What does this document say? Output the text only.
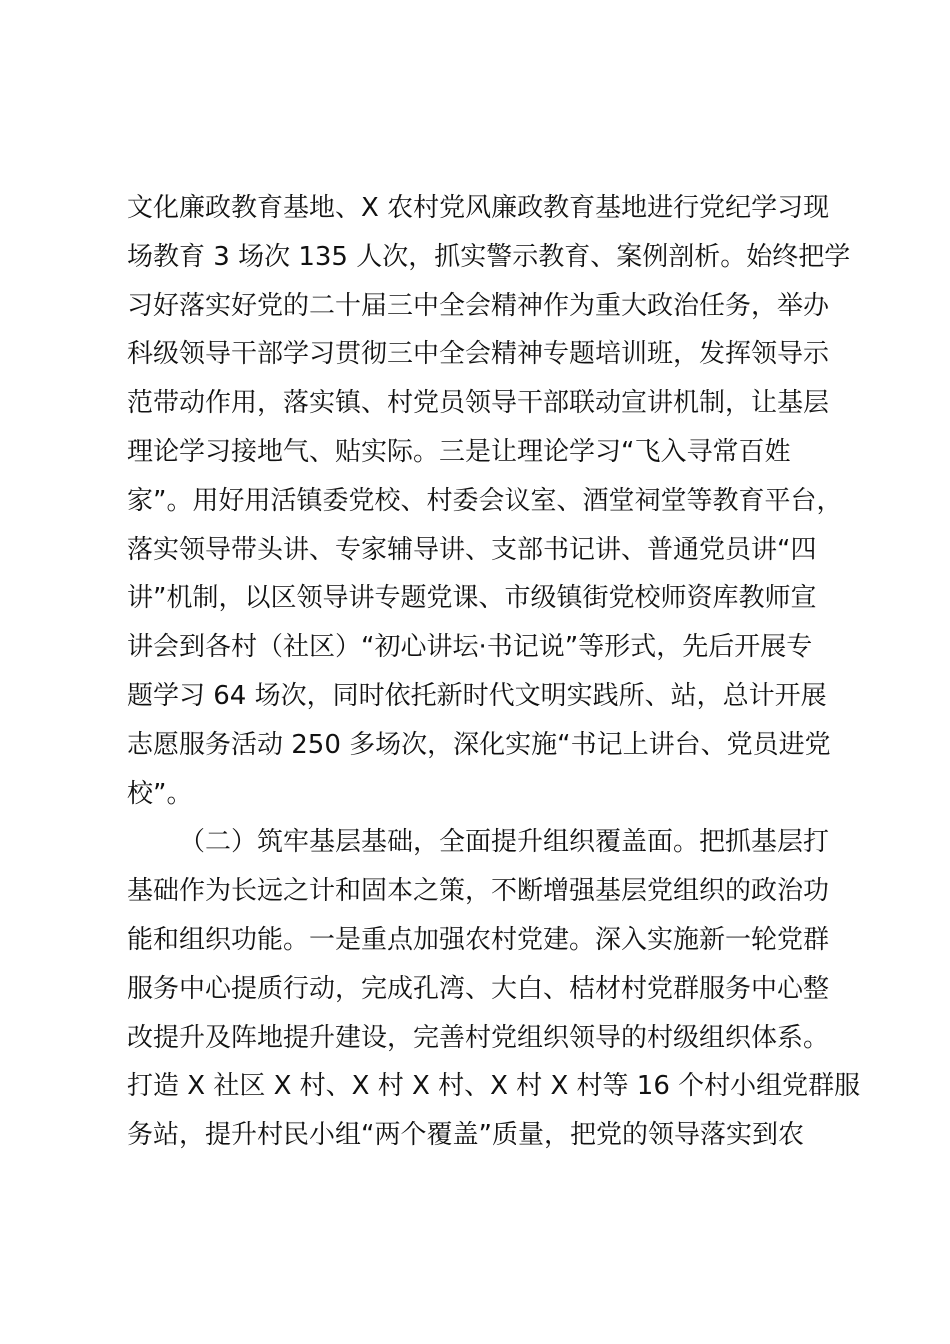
文化廉政教育基地、X 农村党风廉政教育基地进行党纪学习现
场教育 3 场次 135 人次，抓实警示教育、案例剖析。始终把学
习好落实好党的二十届三中全会精神作为重大政治任务，举办
科级领导干部学习贯彻三中全会精神专题培训班，发挥领导示
范带动作用，落实镇、村党员领导干部联动宣讲机制，让基层
理论学习接地气、贴实际。三是让理论学习“飞入寻常百姓
家”。用好用活镇委党校、村委会议室、酒堂祠堂等教育平台，
落实领导带头讲、专家辅导讲、支部书记讲、普通党员讲“四
讲”机制，以区领导讲专题党课、市级镇街党校师资库教师宣
讲会到各村（社区）“初心讲坛·书记说”等形式，先后开展专
题学习 64 场次，同时依托新时代文明实践所、站，总计开展
志愿服务活动 250 多场次，深化实施“书记上讲台、党员进党
校”。
（二）筑牢基层基础，全面提升组织覆盖面。把抓基层打
基础作为长远之计和固本之策，不断增强基层党组织的政治功
能和组织功能。一是重点加强农村党建。深入实施新一轮党群
服务中心提质行动，完成孔湾、大白、桔材村党群服务中心整
改提升及阵地提升建设，完善村党组织领导的村级组织体系。
打造 X 社区 X 村、X 村 X 村、X 村 X 村等 16 个村小组党群服
务站，提升村民小组“两个覆盖”质量，把党的领导落实到农
